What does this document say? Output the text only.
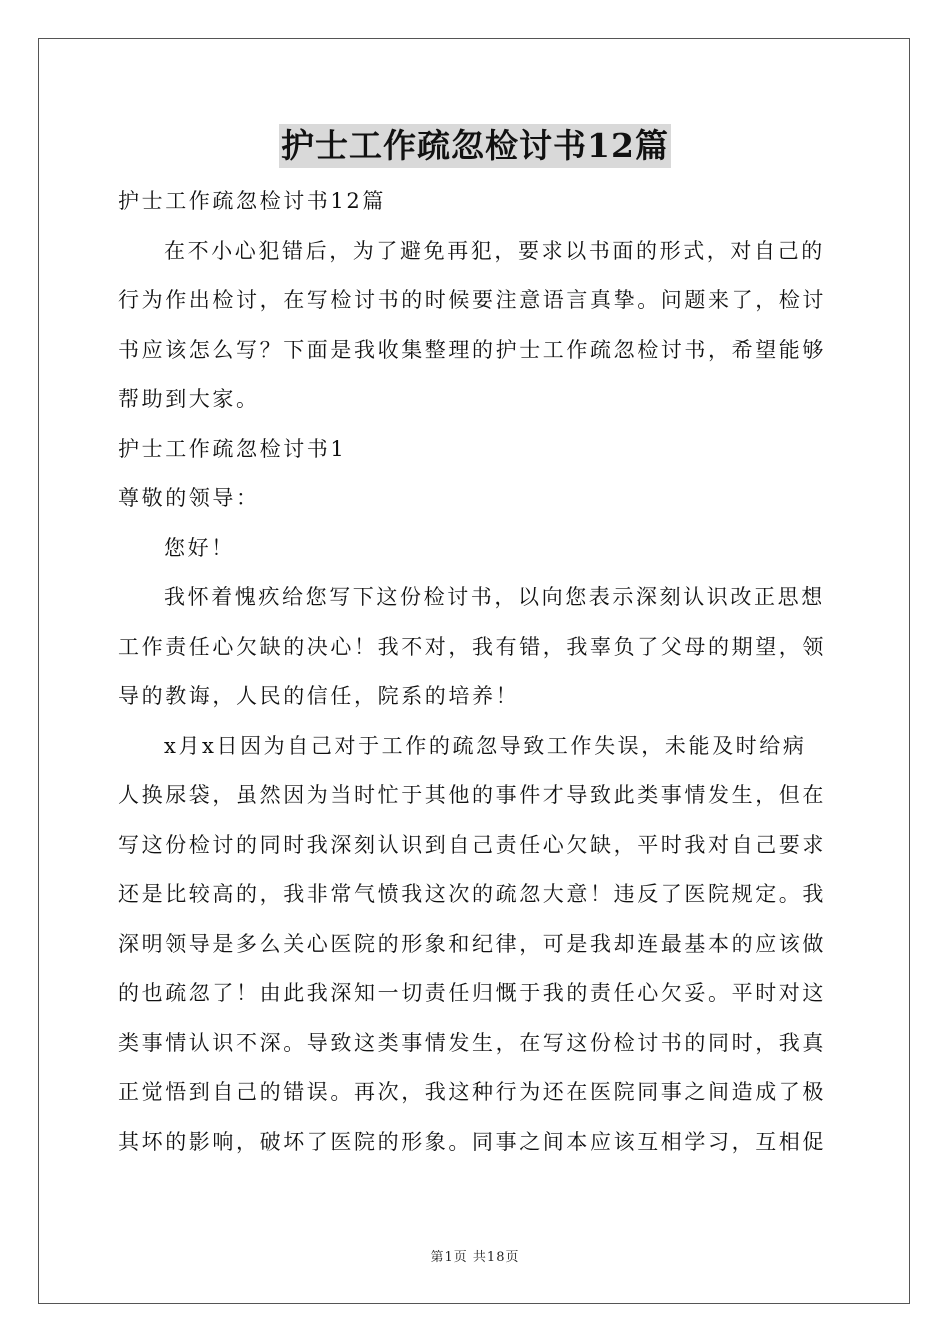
护士工作疏忽检讨书12篇
护士工作疏忽检讨书12篇
在不小心犯错后，为了避免再犯，要求以书面的形式，对自己的
行为作出检讨，在写检讨书的时候要注意语言真挚。问题来了，检讨
书应该怎么写？下面是我收集整理的护士工作疏忽检讨书，希望能够
帮助到大家。
护士工作疏忽检讨书1
尊敬的领导：
您好！
我怀着愧疚给您写下这份检讨书，以向您表示深刻认识改正思想
工作责任心欠缺的决心！我不对，我有错，我辜负了父母的期望，领
导的教诲，人民的信任，院系的培养！
x月x日因为自己对于工作的疏忽导致工作失误，未能及时给病
人换尿袋，虽然因为当时忙于其他的事件才导致此类事情发生，但在
写这份检讨的同时我深刻认识到自己责任心欠缺，平时我对自己要求
还是比较高的，我非常气愤我这次的疏忽大意！违反了医院规定。我
深明领导是多么关心医院的形象和纪律，可是我却连最基本的应该做
的也疏忽了！由此我深知一切责任归慨于我的责任心欠妥。平时对这
类事情认识不深。导致这类事情发生，在写这份检讨书的同时，我真
正觉悟到自己的错误。再次，我这种行为还在医院同事之间造成了极
其坏的影响，破坏了医院的形象。同事之间本应该互相学习，互相促
第1页 共18页
